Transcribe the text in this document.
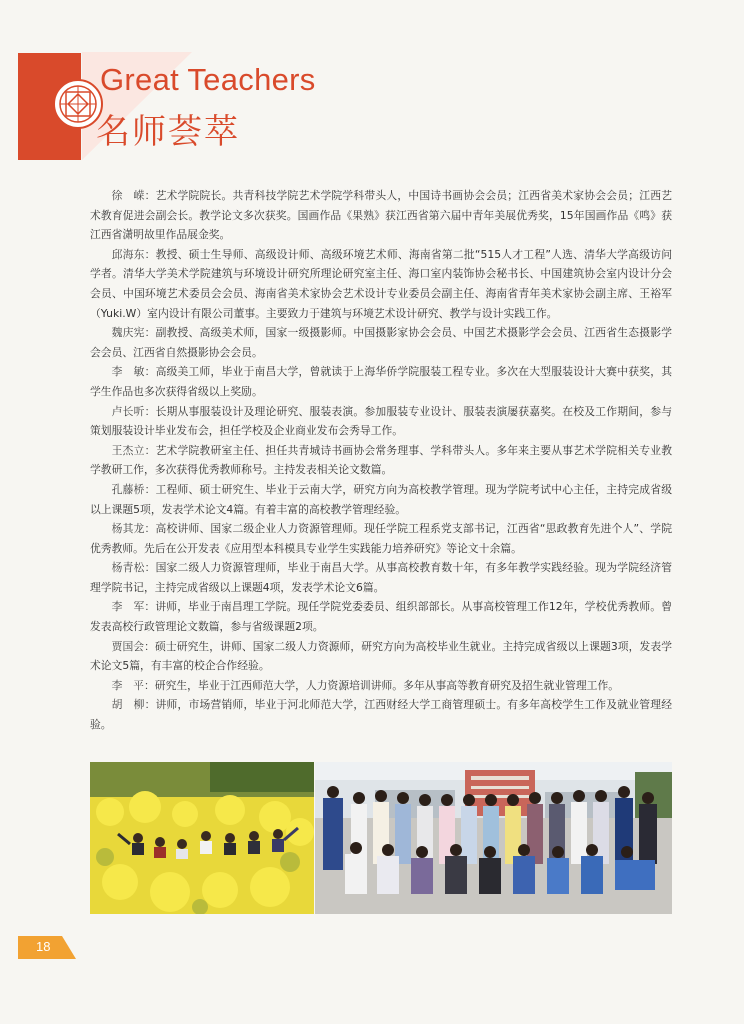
Great Teachers
名师荟萃

徐　嵘：艺术学院院长。共青科技学院艺术学院学科带头人，中国诗书画协会会员；江西省美术家协会会员；江西艺术教育促进会副会长。教学论文多次获奖。国画作品《果熟》获江西省第六届中青年美展优秀奖，15年国画作品《鸣》获江西省潇明故里作品展金奖。

邱海东：教授、硕士生导师、高级设计师、高级环境艺术师、海南省第二批“515人才工程”人选、清华大学高级访问学者。清华大学美术学院建筑与环境设计研究所理论研究室主任、海口室内装饰协会秘书长、中国建筑协会室内设计分会会员、中国环境艺术委员会会员、海南省美术家协会艺术设计专业委员会副主任、海南省青年美术家协会副主席、王裕军（Yuki.W）室内设计有限公司董事。主要致力于建筑与环境艺术设计研究、教学与设计实践工作。

魏庆宪：副教授、高级美术师，国家一级摄影师。中国摄影家协会会员、中国艺术摄影学会会员、江西省生态摄影学会会员、江西省自然摄影协会会员。

李　敏：高级美工师，毕业于南昌大学，曾就读于上海华侨学院服装工程专业。多次在大型服装设计大赛中获奖，其学生作品也多次获得省级以上奖励。

卢长听：长期从事服装设计及理论研究、服装表演。参加服装专业设计、服装表演屡获嘉奖。在校及工作期间，参与策划服装设计毕业发布会，担任学校及企业商业发布会秀导工作。

王杰立：艺术学院教研室主任、担任共青城诗书画协会常务理事、学科带头人。多年来主要从事艺术学院相关专业教学教研工作，多次获得优秀教师称号。主持发表相关论文数篇。

孔藤桥：工程师、硕士研究生、毕业于云南大学，研究方向为高校教学管理。现为学院考试中心主任，主持完成省级以上课题5项，发表学术论文4篇。有着丰富的高校教学管理经验。

杨其龙：高校讲师、国家二级企业人力资源管理师。现任学院工程系党支部书记，江西省“思政教育先进个人”、学院优秀教师。先后在公开发表《应用型本科模具专业学生实践能力培养研究》等论文十余篇。

杨青松：国家二级人力资源管理师，毕业于南昌大学。从事高校教育数十年，有多年教学实践经验。现为学院经济管理学院书记，主持完成省级以上课题4项，发表学术论文6篇。

李　军：讲师，毕业于南昌理工学院。现任学院党委委员、组织部部长。从事高校管理工作12年，学校优秀教师。曾发表高校行政管理论文数篇，参与省级课题2项。

贾国会：硕士研究生，讲师、国家二级人力资源师，研究方向为高校毕业生就业。主持完成省级以上课题3项，发表学术论文5篇，有丰富的校企合作经验。

李　平：研究生，毕业于江西师范大学，人力资源培训讲师。多年从事高等教育研究及招生就业管理工作。

胡　柳：讲师，市场营销师，毕业于河北师范大学，江西财经大学工商管理硕士。有多年高校学生工作及就业管理经验。

18
